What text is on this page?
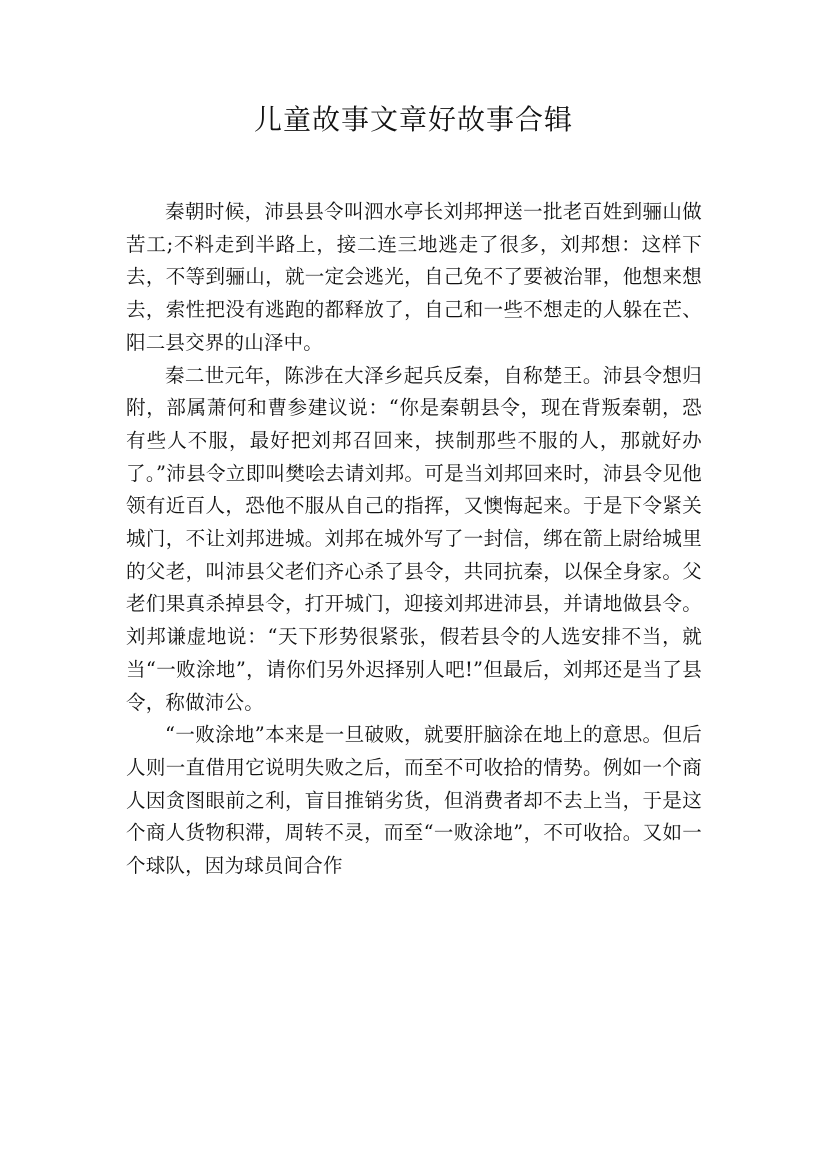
儿童故事文章好故事合辑

秦朝时候，沛县县令叫泗水亭长刘邦押送一批老百姓到骊山做苦工;不料走到半路上，接二连三地逃走了很多，刘邦想：这样下去，不等到骊山，就一定会逃光，自己免不了要被治罪，他想来想去，索性把没有逃跑的都释放了，自己和一些不想走的人躲在芒、阳二县交界的山泽中。

秦二世元年，陈涉在大泽乡起兵反秦，自称楚王。沛县令想归附，部属萧何和曹参建议说：“你是秦朝县令，现在背叛秦朝，恐有些人不服，最好把刘邦召回来，挟制那些不服的人，那就好办了。”沛县令立即叫樊哙去请刘邦。可是当刘邦回来时，沛县令见他领有近百人，恐他不服从自己的指挥，又懊悔起来。于是下令紧关城门，不让刘邦进城。刘邦在城外写了一封信，绑在箭上尉给城里的父老，叫沛县父老们齐心杀了县令，共同抗秦，以保全身家。父老们果真杀掉县令，打开城门，迎接刘邦进沛县，并请地做县令。刘邦谦虚地说：“天下形势很紧张，假若县令的人选安排不当，就当“一败涂地”，请你们另外迟择别人吧!”但最后，刘邦还是当了县令，称做沛公。

“一败涂地”本来是一旦破败，就要肝脑涂在地上的意思。但后人则一直借用它说明失败之后，而至不可收拾的情势。例如一个商人因贪图眼前之利，盲目推销劣货，但消费者却不去上当，于是这个商人货物积滞，周转不灵，而至“一败涂地”，不可收拾。又如一个球队，因为球员间合作
